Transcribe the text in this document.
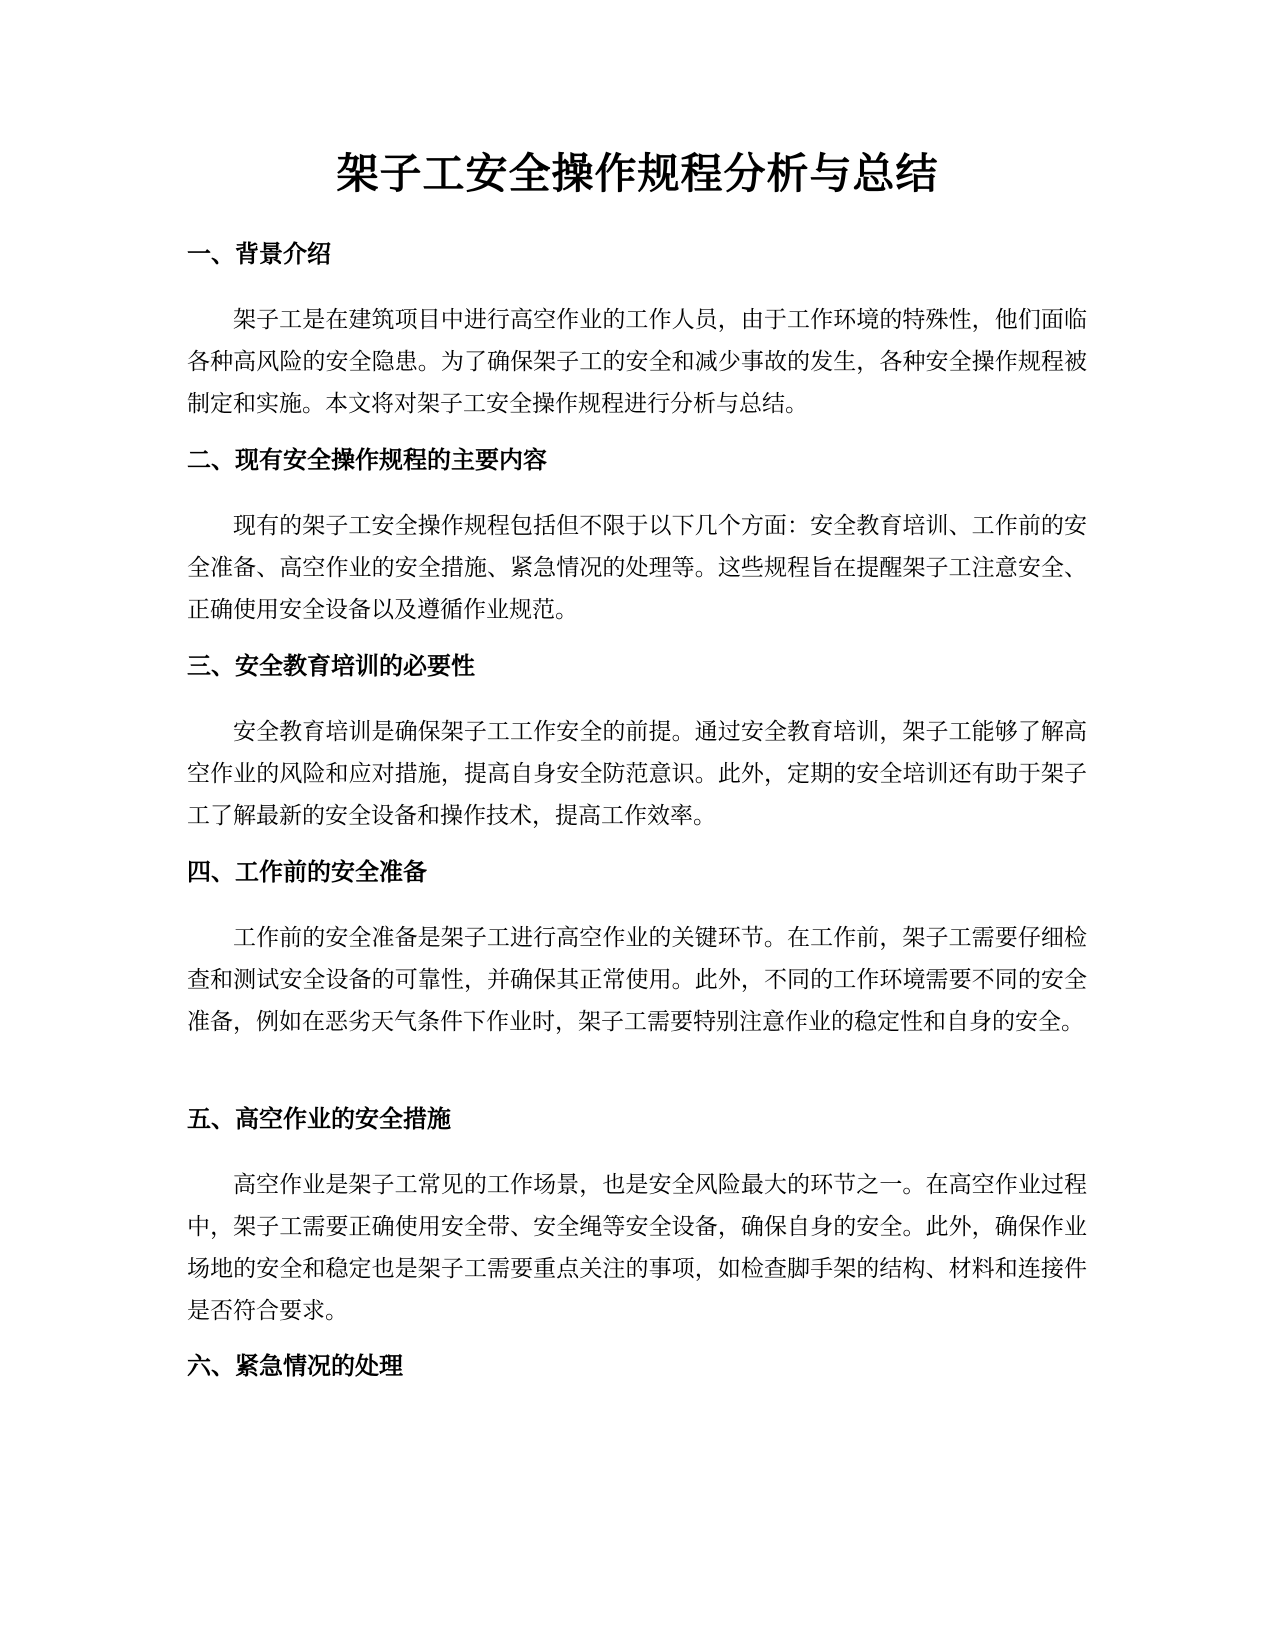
架子工安全操作规程分析与总结
一、背景介绍

架子工是在建筑项目中进行高空作业的工作人员，由于工作环境的特殊性，他们面临各种高风险的安全隐患。为了确保架子工的安全和减少事故的发生，各种安全操作规程被制定和实施。本文将对架子工安全操作规程进行分析与总结。

二、现有安全操作规程的主要内容

现有的架子工安全操作规程包括但不限于以下几个方面：安全教育培训、工作前的安全准备、高空作业的安全措施、紧急情况的处理等。这些规程旨在提醒架子工注意安全、正确使用安全设备以及遵循作业规范。

三、安全教育培训的必要性

安全教育培训是确保架子工工作安全的前提。通过安全教育培训，架子工能够了解高空作业的风险和应对措施，提高自身安全防范意识。此外，定期的安全培训还有助于架子工了解最新的安全设备和操作技术，提高工作效率。

四、工作前的安全准备

工作前的安全准备是架子工进行高空作业的关键环节。在工作前，架子工需要仔细检查和测试安全设备的可靠性，并确保其正常使用。此外，不同的工作环境需要不同的安全准备，例如在恶劣天气条件下作业时，架子工需要特别注意作业的稳定性和自身的安全。

五、高空作业的安全措施

高空作业是架子工常见的工作场景，也是安全风险最大的环节之一。在高空作业过程中，架子工需要正确使用安全带、安全绳等安全设备，确保自身的安全。此外，确保作业场地的安全和稳定也是架子工需要重点关注的事项，如检查脚手架的结构、材料和连接件是否符合要求。

六、紧急情况的处理
